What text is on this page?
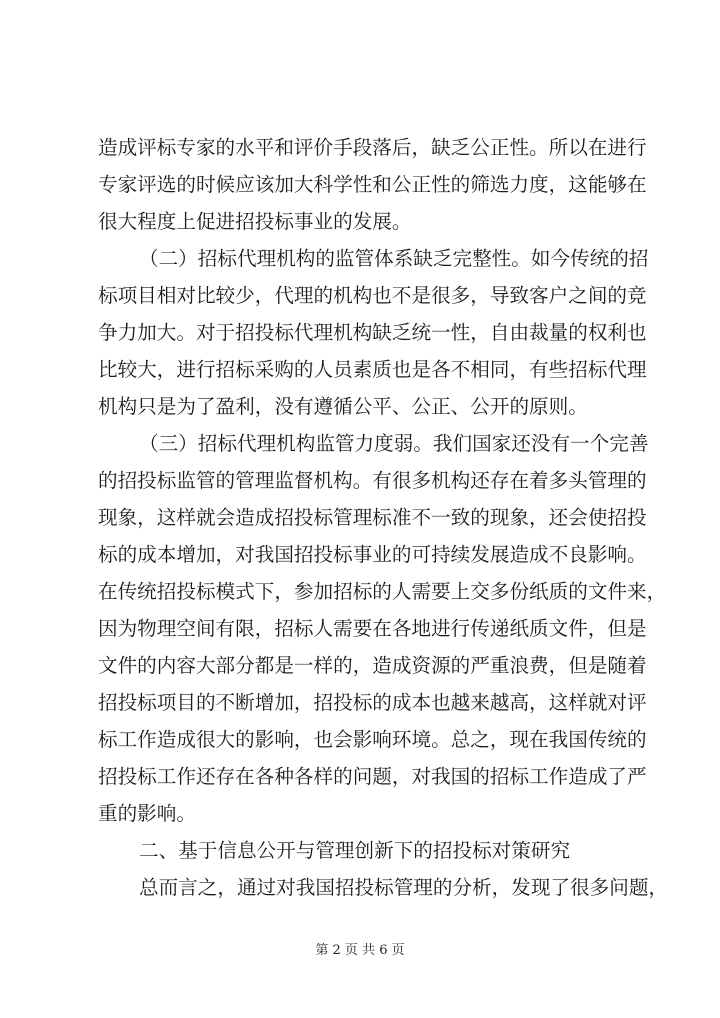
造成评标专家的水平和评价手段落后，缺乏公正性。所以在进行
专家评选的时候应该加大科学性和公正性的筛选力度，这能够在
很大程度上促进招投标事业的发展。
（二）招标代理机构的监管体系缺乏完整性。如今传统的招
标项目相对比较少，代理的机构也不是很多，导致客户之间的竞
争力加大。对于招投标代理机构缺乏统一性，自由裁量的权利也
比较大，进行招标采购的人员素质也是各不相同，有些招标代理
机构只是为了盈利，没有遵循公平、公正、公开的原则。
（三）招标代理机构监管力度弱。我们国家还没有一个完善
的招投标监管的管理监督机构。有很多机构还存在着多头管理的
现象，这样就会造成招投标管理标准不一致的现象，还会使招投
标的成本增加，对我国招投标事业的可持续发展造成不良影响。
在传统招投标模式下，参加招标的人需要上交多份纸质的文件来，
因为物理空间有限，招标人需要在各地进行传递纸质文件，但是
文件的内容大部分都是一样的，造成资源的严重浪费，但是随着
招投标项目的不断增加，招投标的成本也越来越高，这样就对评
标工作造成很大的影响，也会影响环境。总之，现在我国传统的
招投标工作还存在各种各样的问题，对我国的招标工作造成了严
重的影响。
二、基于信息公开与管理创新下的招投标对策研究
总而言之，通过对我国招投标管理的分析，发现了很多问题，
第 2 页 共 6 页
